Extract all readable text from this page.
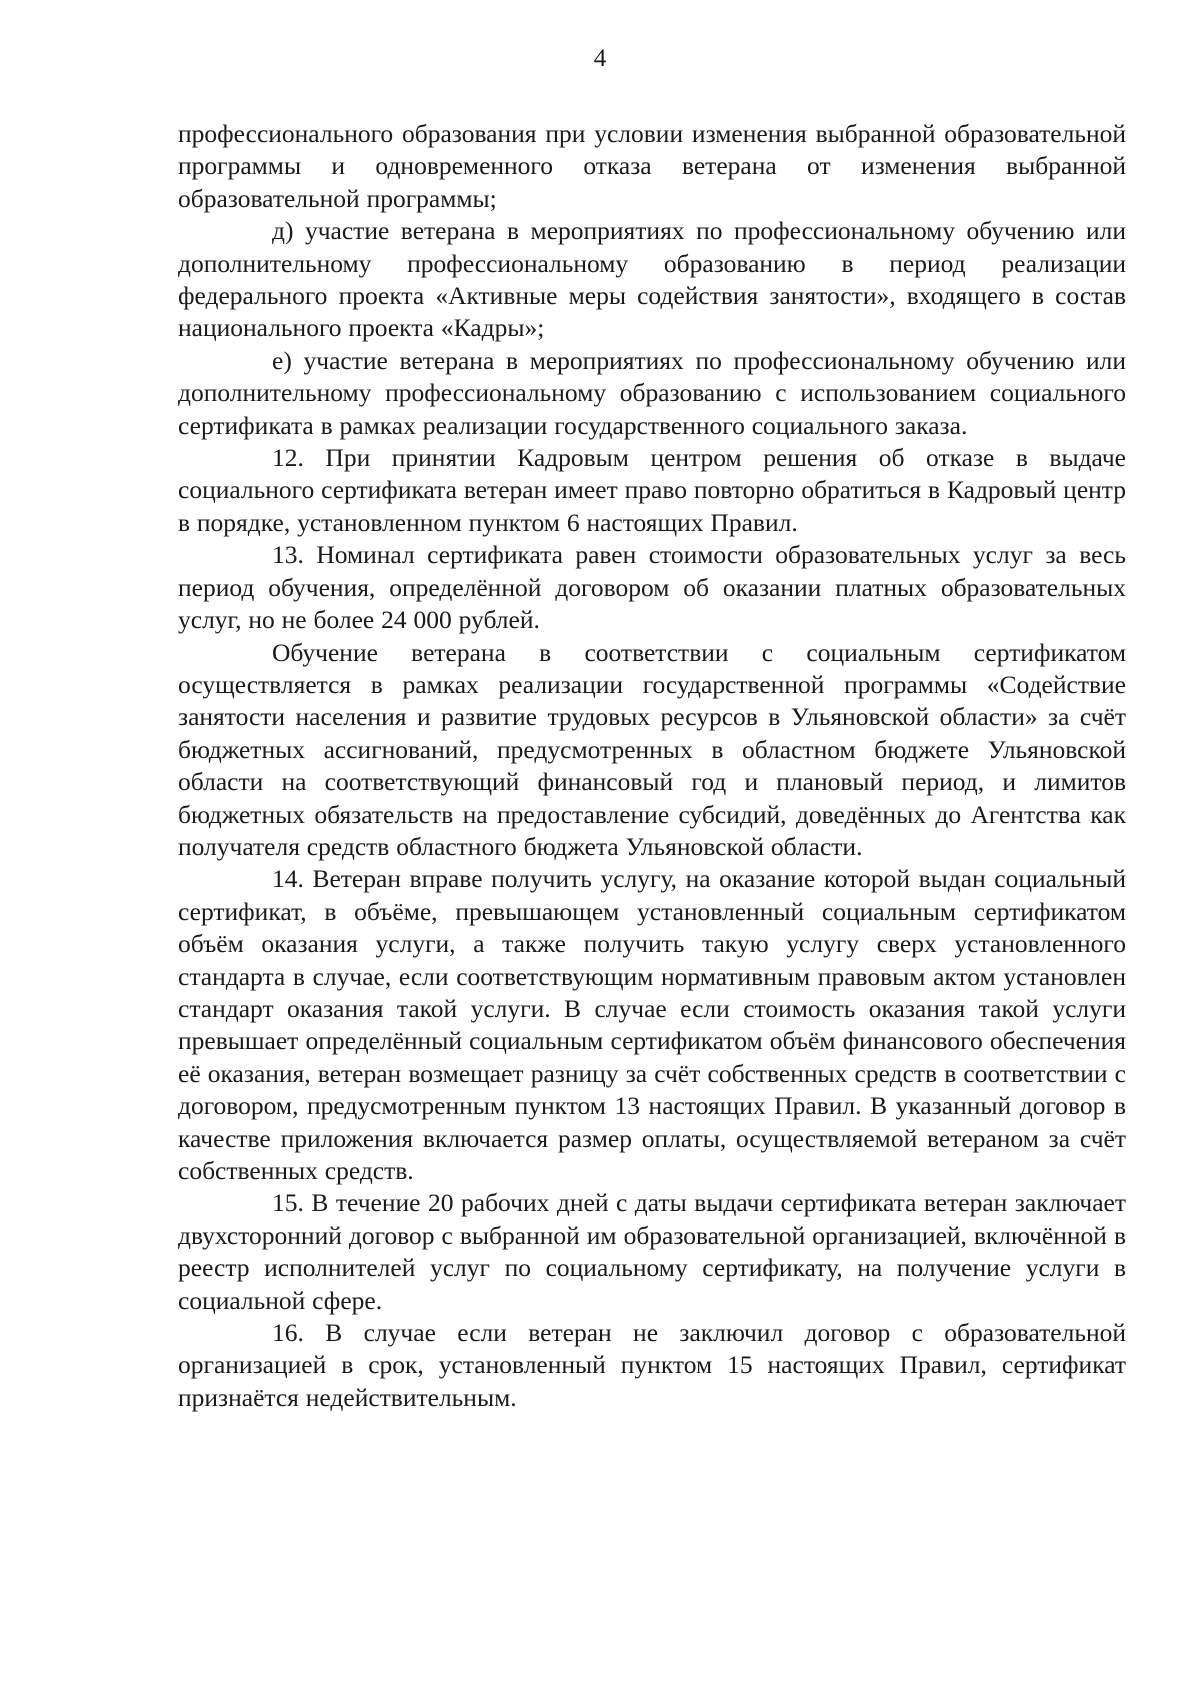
4

профессионального образования при условии изменения выбранной образовательной программы и одновременного отказа ветерана от изменения выбранной образовательной программы;

д) участие ветерана в мероприятиях по профессиональному обучению или дополнительному профессиональному образованию в период реализации федерального проекта «Активные меры содействия занятости», входящего в состав национального проекта «Кадры»;

е) участие ветерана в мероприятиях по профессиональному обучению или дополнительному профессиональному образованию с использованием социального сертификата в рамках реализации государственного социального заказа.

12. При принятии Кадровым центром решения об отказе в выдаче социального сертификата ветеран имеет право повторно обратиться в Кадровый центр в порядке, установленном пунктом 6 настоящих Правил.

13. Номинал сертификата равен стоимости образовательных услуг за весь период обучения, определённой договором об оказании платных образовательных услуг, но не более 24 000 рублей.

Обучение ветерана в соответствии с социальным сертификатом осуществляется в рамках реализации государственной программы «Содействие занятости населения и развитие трудовых ресурсов в Ульяновской области» за счёт бюджетных ассигнований, предусмотренных в областном бюджете Ульяновской области на соответствующий финансовый год и плановый период, и лимитов бюджетных обязательств на предоставление субсидий, доведённых до Агентства как получателя средств областного бюджета Ульяновской области.

14. Ветеран вправе получить услугу, на оказание которой выдан социальный сертификат, в объёме, превышающем установленный социальным сертификатом объём оказания услуги, а также получить такую услугу сверх установленного стандарта в случае, если соответствующим нормативным правовым актом установлен стандарт оказания такой услуги. В случае если стоимость оказания такой услуги превышает определённый социальным сертификатом объём финансового обеспечения её оказания, ветеран возмещает разницу за счёт собственных средств в соответствии с договором, предусмотренным пунктом 13 настоящих Правил. В указанный договор в качестве приложения включается размер оплаты, осуществляемой ветераном за счёт собственных средств.

15. В течение 20 рабочих дней с даты выдачи сертификата ветеран заключает двухсторонний договор с выбранной им образовательной организацией, включённой в реестр исполнителей услуг по социальному сертификату, на получение услуги в социальной сфере.

16. В случае если ветеран не заключил договор с образовательной организацией в срок, установленный пунктом 15 настоящих Правил, сертификат признаётся недействительным.
